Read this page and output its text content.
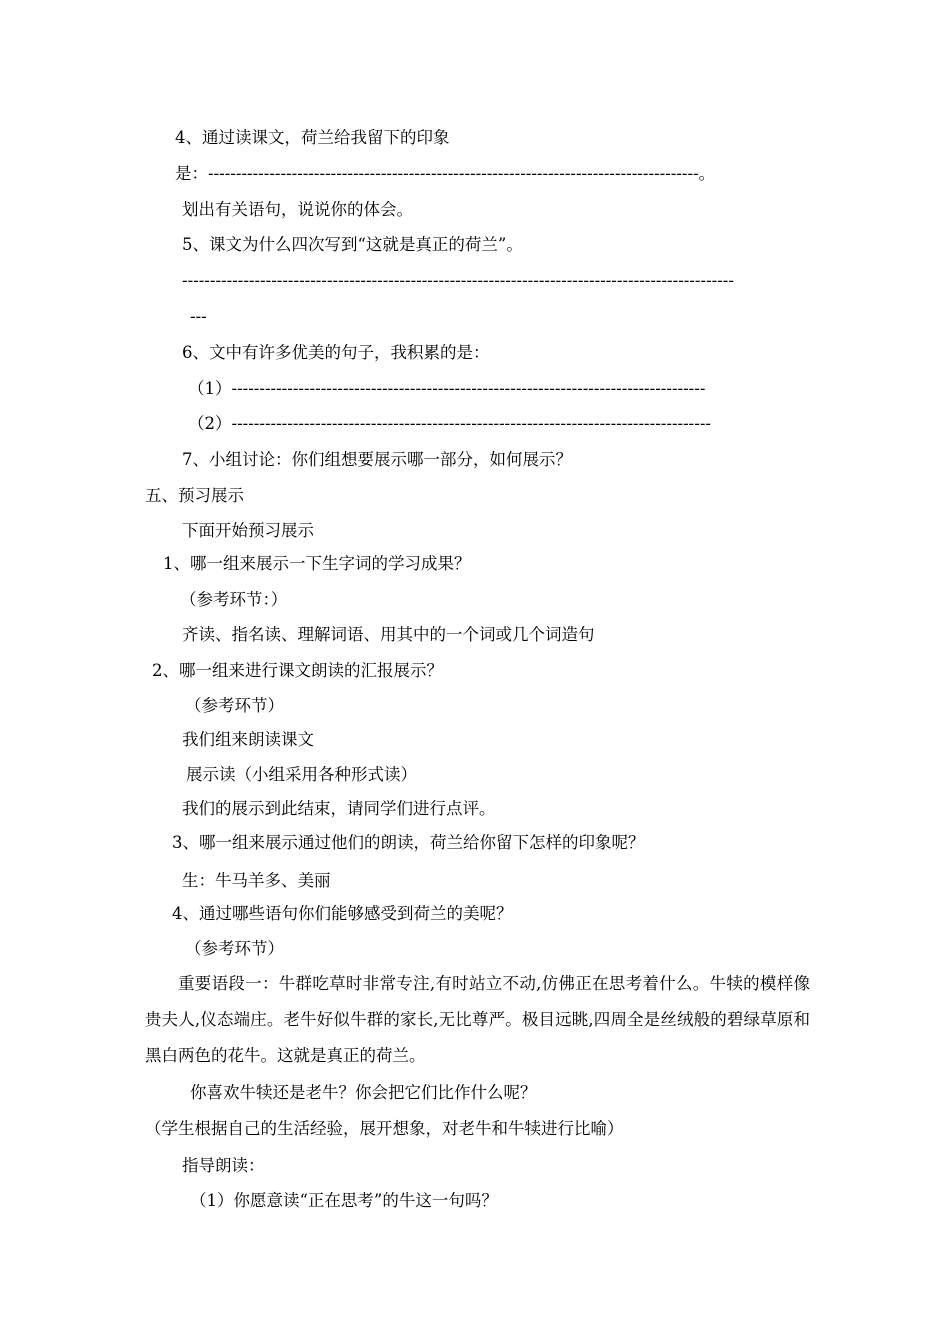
4、通过读课文，荷兰给我留下的印象
是：----------------------------------------------------------------------------------------。
划出有关语句，说说你的体会。
5、课文为什么四次写到“这就是真正的荷兰”。
---------------------------------------------------------------------------------------------------
---
6、文中有许多优美的句子，我积累的是：
（1）-------------------------------------------------------------------------------------
（2）--------------------------------------------------------------------------------------
7、小组讨论：你们组想要展示哪一部分，如何展示？
五、预习展示
下面开始预习展示
1、哪一组来展示一下生字词的学习成果？
（参考环节：）
齐读、指名读、理解词语、用其中的一个词或几个词造句
2、哪一组来进行课文朗读的汇报展示？
（参考环节）
我们组来朗读课文
展示读（小组采用各种形式读）
我们的展示到此结束，请同学们进行点评。
3、哪一组来展示通过他们的朗读，荷兰给你留下怎样的印象呢？
生：牛马羊多、美丽
4、通过哪些语句你们能够感受到荷兰的美呢？
（参考环节）
重要语段一：牛群吃草时非常专注,有时站立不动,仿佛正在思考着什么。牛犊的模样像贵夫人,仪态端庄。老牛好似牛群的家长,无比尊严。极目远眺,四周全是丝绒般的碧绿草原和黑白两色的花牛。这就是真正的荷兰。
你喜欢牛犊还是老牛？你会把它们比作什么呢？
（学生根据自己的生活经验，展开想象，对老牛和牛犊进行比喻）
指导朗读：
（1）你愿意读“正在思考”的牛这一句吗？
